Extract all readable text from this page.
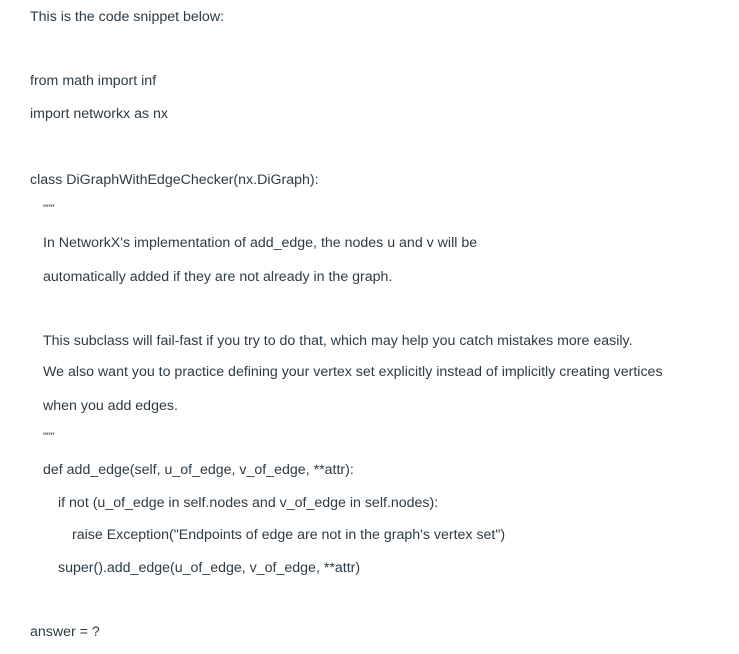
This is the code snippet below:
from math import inf
import networkx as nx
class DiGraphWithEdgeChecker(nx.DiGraph):
"""
In NetworkX's implementation of add_edge, the nodes u and v will be
automatically added if they are not already in the graph.
This subclass will fail-fast if you try to do that, which may help you catch mistakes more easily.
We also want you to practice defining your vertex set explicitly instead of implicitly creating vertices
when you add edges.
"""
def add_edge(self, u_of_edge, v_of_edge, **attr):
if not (u_of_edge in self.nodes and v_of_edge in self.nodes):
raise Exception("Endpoints of edge are not in the graph's vertex set")
super().add_edge(u_of_edge, v_of_edge, **attr)
answer = ?
